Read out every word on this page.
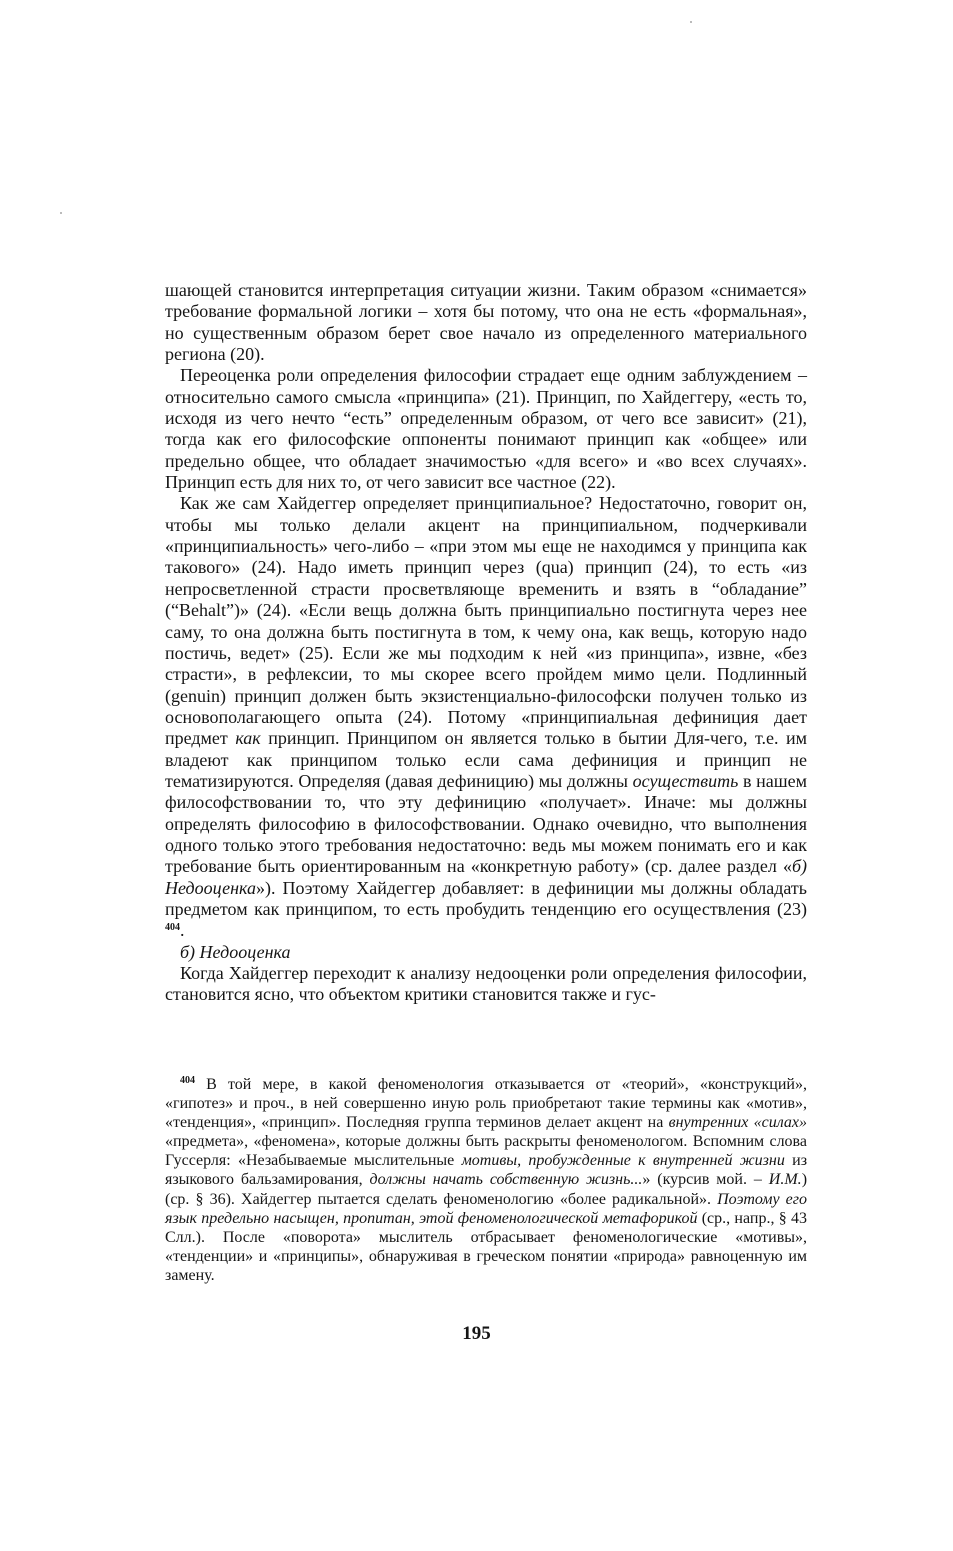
шающей становится интерпретация ситуации жизни. Таким образом «снимается» требование формальной логики – хотя бы потому, что она не есть «формальная», но существенным образом берет свое начало из определенного материального региона (20).

Переоценка роли определения философии страдает еще одним заблуждением – относительно самого смысла «принципа» (21). Принцип, по Хайдеггеру, «есть то, исходя из чего нечто “есть” определенным образом, от чего все зависит» (21), тогда как его философские оппоненты понимают принцип как «общее» или предельно общее, что обладает значимостью «для всего» и «во всех случаях». Принцип есть для них то, от чего зависит все частное (22).

Как же сам Хайдеггер определяет принципиальное? Недостаточно, говорит он, чтобы мы только делали акцент на принципиальном, подчеркивали «принципиальность» чего-либо – «при этом мы еще не находимся у принципа как такового» (24). Надо иметь принцип через (qua) принцип (24), то есть «из непросветленной страсти просветвляюще временить и взять в “обладание” (“Behalt”)» (24). «Если вещь должна быть принципиально постигнута через нее саму, то она должна быть постигнута в том, к чему она, как вещь, которую надо постичь, ведет» (25). Если же мы подходим к ней «из принципа», извне, «без страсти», в рефлексии, то мы скорее всего пройдем мимо цели. Подлинный (genuin) принцип должен быть экзистенциально-философски получен только из основополагающего опыта (24). Потому «принципиальная дефиниция дает предмет как принцип. Принципом он является только в бытии Для-чего, т.е. им владеют как принципом только если сама дефиниция и принцип не тематизируются. Определяя (давая дефиницию) мы должны осуществить в нашем философствовании то, что эту дефиницию «получает». Иначе: мы должны определять философию в философствовании. Однако очевидно, что выполнения одного только этого требования недостаточно: ведь мы можем понимать его и как требование быть ориентированным на «конкретную работу» (ср. далее раздел «б) Недооценка»). Поэтому Хайдеггер добавляет: в дефиниции мы должны обладать предметом как принципом, то есть пробудить тенденцию его осуществления (23) $^{404}$.

б) Недооценка

Когда Хайдеггер переходит к анализу недооценки роли определения философии, становится ясно, что объектом критики становится также и гус-

$^{404}$ В той мере, в какой феноменология отказывается от «теорий», «конструкций», «гипотез» и проч., в ней совершенно иную роль приобретают такие термины как «мотив», «тенденция», «принцип». Последняя группа терминов делает акцент на внутренних «силах» «предмета», «феномена», которые должны быть раскрыты феноменологом. Вспомним слова Гуссерля: «Незабываемые мыслительные мотивы, пробужденные к внутренней жизни из языкового бальзамирования, должны начать собственную жизнь...» (курсив мой. – И.М.) (ср. § 36). Хайдеггер пытается сделать феноменологию «более радикальной». Поэтому его язык предельно насыщен, пропитан, этой феноменологической метафорикой (ср., напр., § 43 Слл.). После «поворота» мыслитель отбрасывает феноменологические «мотивы», «тенденции» и «принципы», обнаруживая в греческом понятии «природа» равноценную им замену.

195
